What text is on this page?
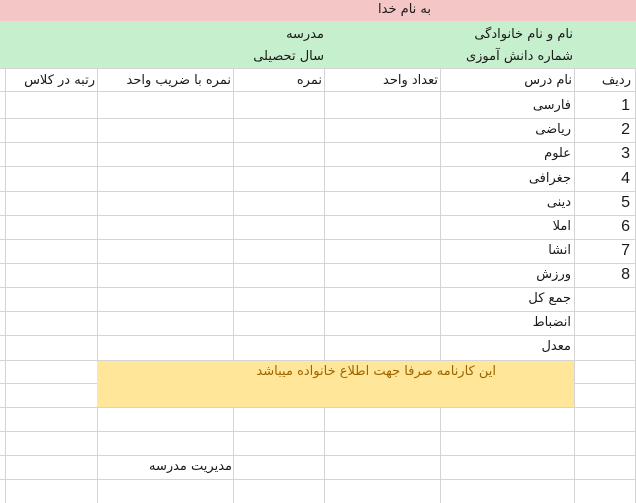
به نام خدا
نام و نام خانوادگی
شماره دانش آموزی
مدرسه
سال تحصیلی
ردیف
نام درس
تعداد واحد
نمره
نمره با ضریب واحد
رتبه در کلاس
1
2
3
4
5
6
7
8
فارسی
ریاضی
علوم
جغرافی
دینی
املا
انشا
ورزش
جمع کل
انضباط
معدل
این کارنامه صرفا جهت اطلاع خانواده میباشد
مدیریت مدرسه
